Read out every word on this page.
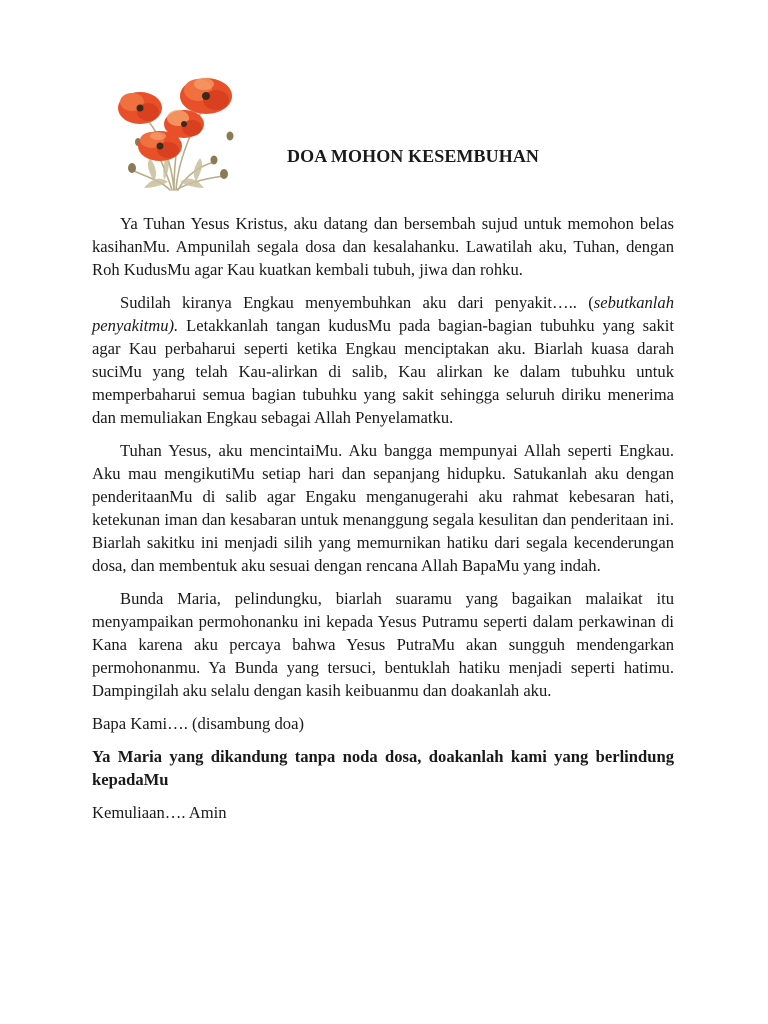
DOA MOHON KESEMBUHAN

Ya Tuhan Yesus Kristus, aku datang dan bersembah sujud untuk memohon belas kasihanMu. Ampunilah segala dosa dan kesalahanku. Lawatilah aku, Tuhan, dengan Roh KudusMu agar Kau kuatkan kembali tubuh, jiwa dan rohku.

Sudilah kiranya Engkau menyembuhkan aku dari penyakit….. (sebutkanlah penyakitmu). Letakkanlah tangan kudusMu pada bagian-bagian tubuhku yang sakit agar Kau perbaharui seperti ketika Engkau menciptakan aku. Biarlah kuasa darah suciMu yang telah Kau-alirkan di salib, Kau alirkan ke dalam tubuhku untuk memperbaharui semua bagian tubuhku yang sakit sehingga seluruh diriku menerima dan memuliakan Engkau sebagai Allah Penyelamatku.

Tuhan Yesus, aku mencintaiMu. Aku bangga mempunyai Allah seperti Engkau. Aku mau mengikutiMu setiap hari dan sepanjang hidupku. Satukanlah aku dengan penderitaanMu di salib agar Engaku menganugerahi aku rahmat kebesaran hati, ketekunan iman dan kesabaran untuk menanggung segala kesulitan dan penderitaan ini. Biarlah sakitku ini menjadi silih yang memurnikan hatiku dari segala kecenderungan dosa, dan membentuk aku sesuai dengan rencana Allah BapaMu yang indah.

Bunda Maria, pelindungku, biarlah suaramu yang bagaikan malaikat itu menyampaikan permohonanku ini kepada Yesus Putramu seperti dalam perkawinan di Kana karena aku percaya bahwa Yesus PutraMu akan sungguh mendengarkan permohonanmu. Ya Bunda yang tersuci, bentuklah hatiku menjadi seperti hatimu. Dampingilah aku selalu dengan kasih keibuanmu dan doakanlah aku.

Bapa Kami…. (disambung doa)

Ya Maria yang dikandung tanpa noda dosa, doakanlah kami yang berlindung kepadaMu

Kemuliaan…. Amin
